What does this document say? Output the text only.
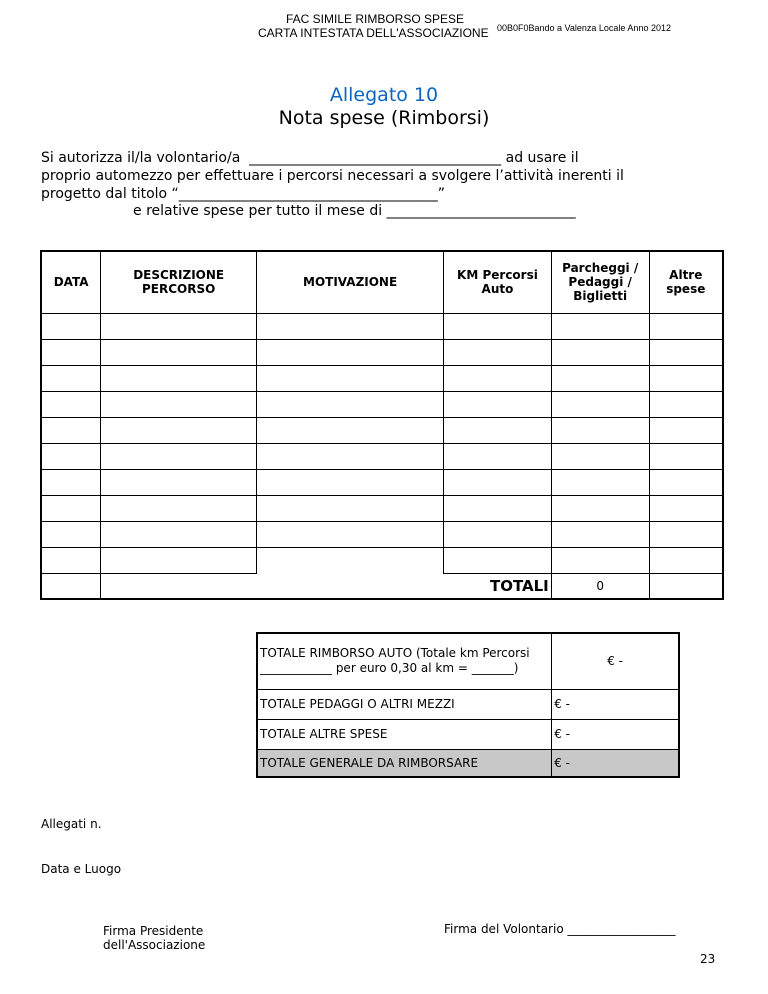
FAC SIMILE RIMBORSO SPESE
CARTA INTESTATA DELL'ASSOCIAZIONE 00B0F0Bando a Valenza Locale Anno 2012
Allegato 10
Nota spese (Rimborsi)
Si autorizza il/la volontario/a  ____________________________________ ad usare il
proprio automezzo per effettuare i percorsi necessari a svolgere l’attività inerenti il
progetto dal titolo “_____________________________________”
e relative spese per tutto il mese di ___________________________
DATA	DESCRIZIONE PERCORSO	MOTIVAZIONE	KM Percorsi Auto	Parcheggi / Pedaggi / Biglietti	Altre spese

	TOTALI			0	
TOTALE RIMBORSO AUTO (Totale km Percorsi ____________ per euro 0,30 al km = _______)	€ -
TOTALE PEDAGGI O ALTRI MEZZI	€ -
TOTALE ALTRE SPESE	€ -
TOTALE GENERALE DA RIMBORSARE	€ -
Allegati n.
Data e Luogo
Firma Presidente
dell'Associazione
Firma del Volontario __________________
23
